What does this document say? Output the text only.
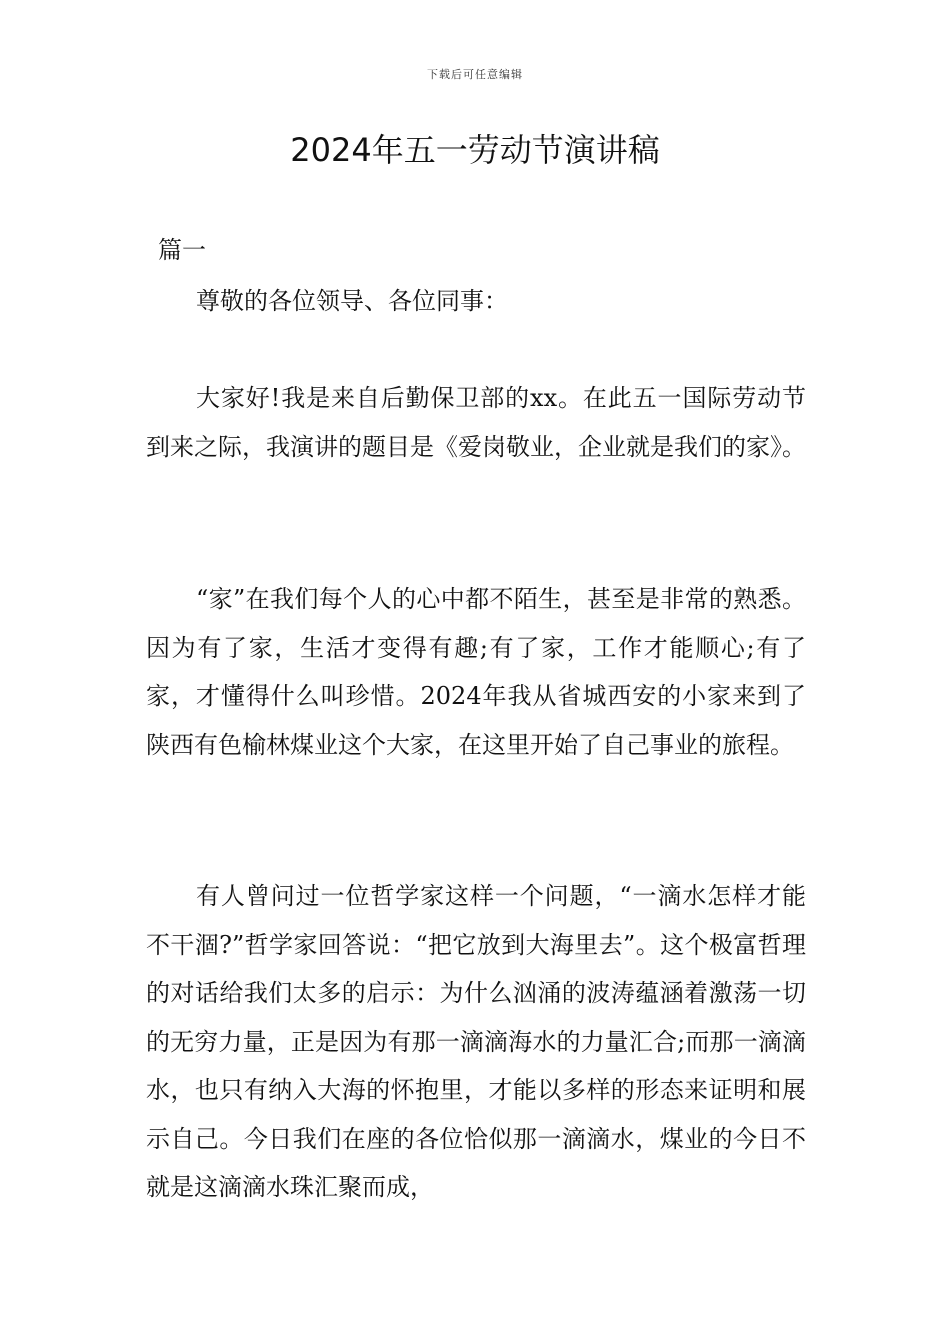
下载后可任意编辑
2024年五一劳动节演讲稿

篇一

尊敬的各位领导、各位同事：

大家好!我是来自后勤保卫部的xx。在此五一国际劳动节到来之际，我演讲的题目是《爱岗敬业，企业就是我们的家》。

“家”在我们每个人的心中都不陌生，甚至是非常的熟悉。因为有了家，生活才变得有趣;有了家，工作才能顺心;有了家，才懂得什么叫珍惜。2024年我从省城西安的小家来到了陕西有色榆林煤业这个大家，在这里开始了自己事业的旅程。

有人曾问过一位哲学家这样一个问题，“一滴水怎样才能不干涸?”哲学家回答说：“把它放到大海里去”。这个极富哲理的对话给我们太多的启示：为什么汹涌的波涛蕴涵着激荡一切的无穷力量，正是因为有那一滴滴海水的力量汇合;而那一滴滴水，也只有纳入大海的怀抱里，才能以多样的形态来证明和展示自己。今日我们在座的各位恰似那一滴滴水，煤业的今日不就是这滴滴水珠汇聚而成，
